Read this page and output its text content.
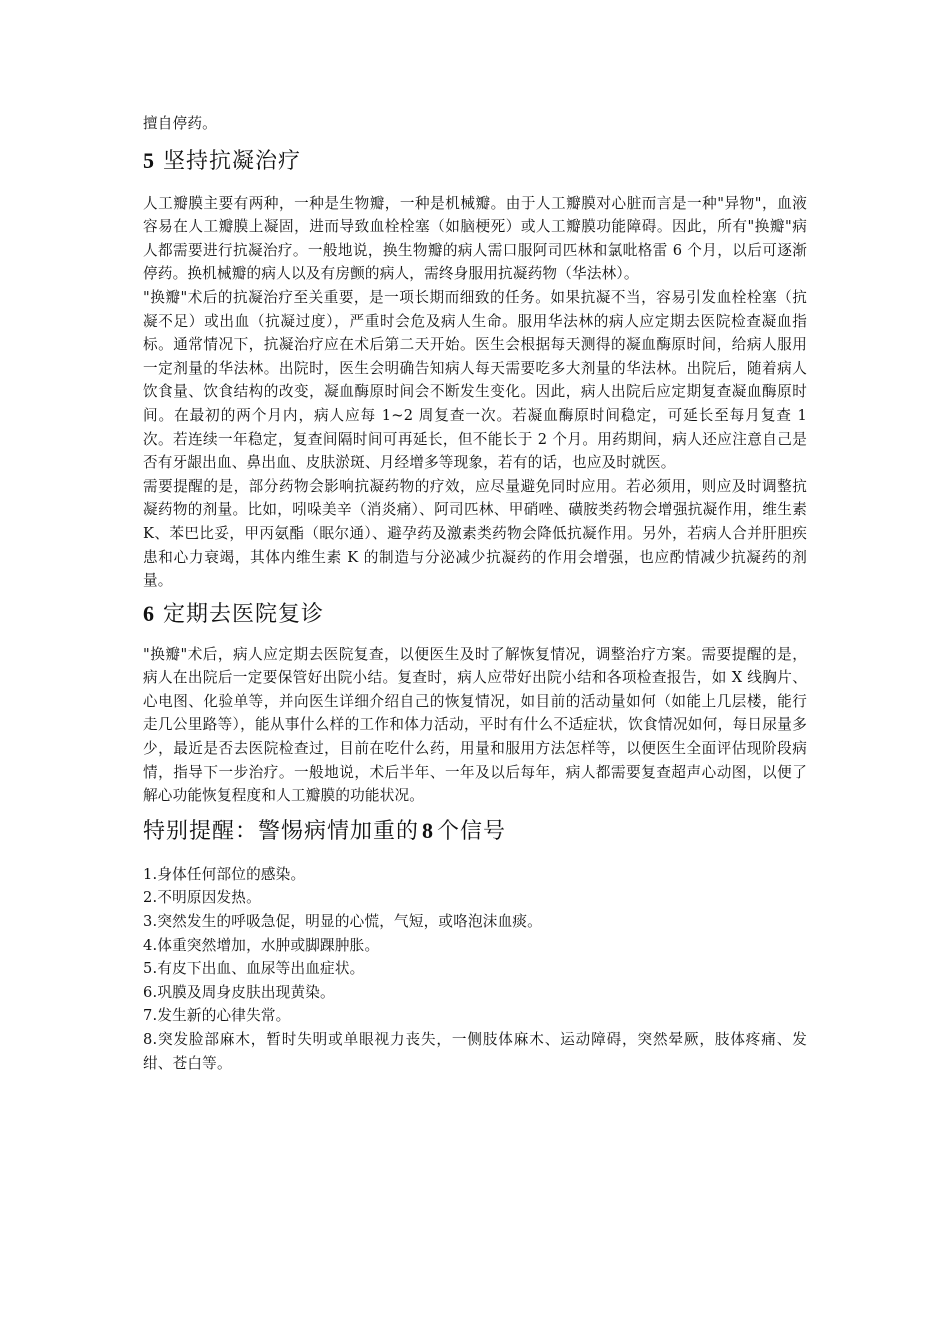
擅自停药。

5 坚持抗凝治疗

人工瓣膜主要有两种，一种是生物瓣，一种是机械瓣。由于人工瓣膜对心脏而言是一种"异物"，血液容易在人工瓣膜上凝固，进而导致血栓栓塞（如脑梗死）或人工瓣膜功能障碍。因此，所有"换瓣"病人都需要进行抗凝治疗。一般地说，换生物瓣的病人需口服阿司匹林和氯吡格雷 6 个月，以后可逐渐停药。换机械瓣的病人以及有房颤的病人，需终身服用抗凝药物（华法林）。

"换瓣"术后的抗凝治疗至关重要，是一项长期而细致的任务。如果抗凝不当，容易引发血栓栓塞（抗凝不足）或出血（抗凝过度），严重时会危及病人生命。服用华法林的病人应定期去医院检查凝血指标。通常情况下，抗凝治疗应在术后第二天开始。医生会根据每天测得的凝血酶原时间，给病人服用一定剂量的华法林。出院时，医生会明确告知病人每天需要吃多大剂量的华法林。出院后，随着病人饮食量、饮食结构的改变，凝血酶原时间会不断发生变化。因此，病人出院后应定期复查凝血酶原时间。在最初的两个月内，病人应每 1~2 周复查一次。若凝血酶原时间稳定，可延长至每月复查 1 次。若连续一年稳定，复查间隔时间可再延长，但不能长于 2 个月。用药期间，病人还应注意自己是否有牙龈出血、鼻出血、皮肤淤斑、月经增多等现象，若有的话，也应及时就医。

需要提醒的是，部分药物会影响抗凝药物的疗效，应尽量避免同时应用。若必须用，则应及时调整抗凝药物的剂量。比如，吲哚美辛（消炎痛）、阿司匹林、甲硝唑、磺胺类药物会增强抗凝作用，维生素 K、苯巴比妥，甲丙氨酯（眠尔通）、避孕药及激素类药物会降低抗凝作用。另外，若病人合并肝胆疾患和心力衰竭，其体内维生素 K 的制造与分泌减少抗凝药的作用会增强，也应酌情减少抗凝药的剂量。

6 定期去医院复诊

"换瓣"术后，病人应定期去医院复查，以便医生及时了解恢复情况，调整治疗方案。需要提醒的是，病人在出院后一定要保管好出院小结。复查时，病人应带好出院小结和各项检查报告，如 X 线胸片、心电图、化验单等，并向医生详细介绍自己的恢复情况，如目前的活动量如何（如能上几层楼，能行走几公里路等），能从事什么样的工作和体力活动，平时有什么不适症状，饮食情况如何，每日尿量多少，最近是否去医院检查过，目前在吃什么药，用量和服用方法怎样等，以便医生全面评估现阶段病情，指导下一步治疗。一般地说，术后半年、一年及以后每年，病人都需要复查超声心动图，以便了解心功能恢复程度和人工瓣膜的功能状况。

特别提醒：警惕病情加重的 8 个信号
1.身体任何部位的感染。
2.不明原因发热。
3.突然发生的呼吸急促，明显的心慌，气短，或咯泡沫血痰。
4.体重突然增加，水肿或脚踝肿胀。
5.有皮下出血、血尿等出血症状。
6.巩膜及周身皮肤出现黄染。
7.发生新的心律失常。
8.突发脸部麻木，暂时失明或单眼视力丧失，一侧肢体麻木、运动障碍，突然晕厥，肢体疼痛、发绀、苍白等。
